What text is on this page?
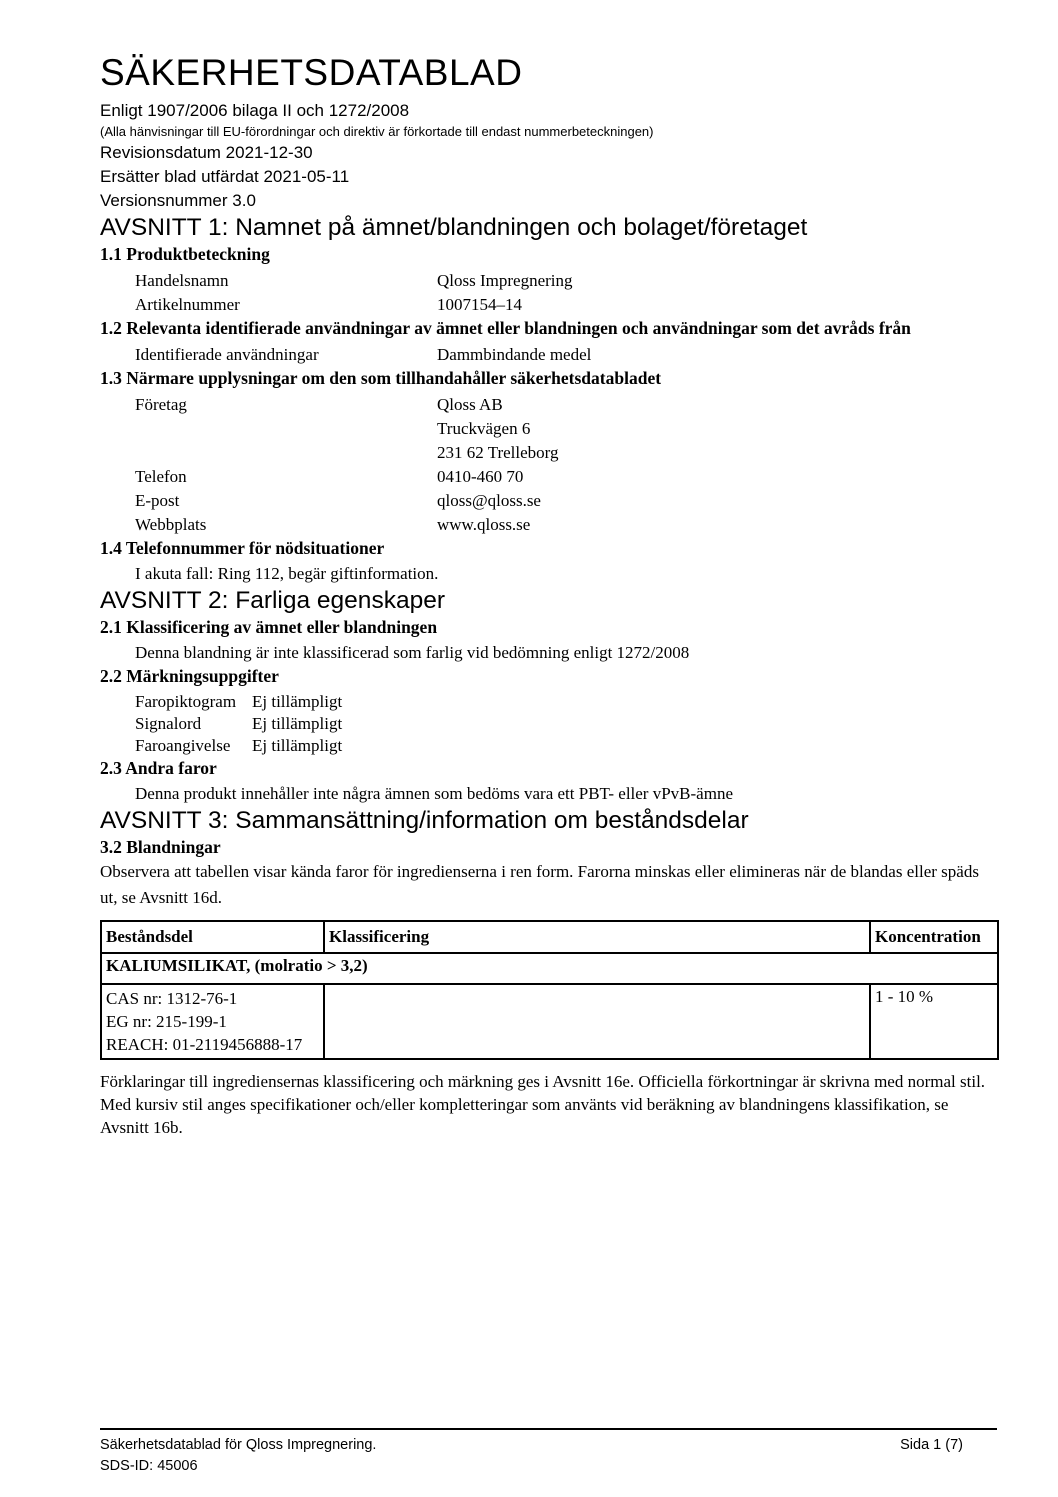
SÄKERHETSDATABLAD
Enligt 1907/2006 bilaga II och 1272/2008
(Alla hänvisningar till EU-förordningar och direktiv är förkortade till endast nummerbeteckningen)
Revisionsdatum 2021-12-30
Ersätter blad utfärdat 2021-05-11
Versionsnummer 3.0
AVSNITT 1: Namnet på ämnet/blandningen och bolaget/företaget
1.1 Produktbeteckning
Handelsnamn	Qloss Impregnering
Artikelnummer	1007154–14
1.2 Relevanta identifierade användningar av ämnet eller blandningen och användningar som det avråds från
Identifierade användningar	Dammbindande medel
1.3 Närmare upplysningar om den som tillhandahåller säkerhetsdatabladet
Företag	Qloss AB
Truckvägen 6
231 62 Trelleborg
Telefon	0410-460 70
E-post	qloss@qloss.se
Webbplats	www.qloss.se
1.4 Telefonnummer för nödsituationer
I akuta fall: Ring 112, begär giftinformation.
AVSNITT 2: Farliga egenskaper
2.1 Klassificering av ämnet eller blandningen
Denna blandning är inte klassificerad som farlig vid bedömning enligt 1272/2008
2.2 Märkningsuppgifter
Faropiktogram Ej tillämpligt
Signalord	Ej tillämpligt
Faroangivelse	Ej tillämpligt
2.3 Andra faror
Denna produkt innehåller inte några ämnen som bedöms vara ett PBT- eller vPvB-ämne
AVSNITT 3: Sammansättning/information om beståndsdelar
3.2 Blandningar

Observera att tabellen visar kända faror för ingredienserna i ren form. Farorna minskas eller elimineras när de blandas eller späds ut, se Avsnitt 16d.

Beståndsdel	Klassificering	Koncentration
KALIUMSILIKAT, (molratio > 3,2)		

CAS nr: 1312-76-1
EG nr: 215-199-1
REACH: 01-2119456888-17		1 - 10 %

Förklaringar till ingrediensernas klassificering och märkning ges i Avsnitt 16e. Officiella förkortningar är skrivna med normal stil. Med kursiv stil anges specifikationer och/eller kompletteringar som använts vid beräkning av blandningens klassifikation, se Avsnitt 16b.

Säkerhetsdatablad för Qloss Impregnering.	Sida 1 (7)
SDS-ID: 45006
